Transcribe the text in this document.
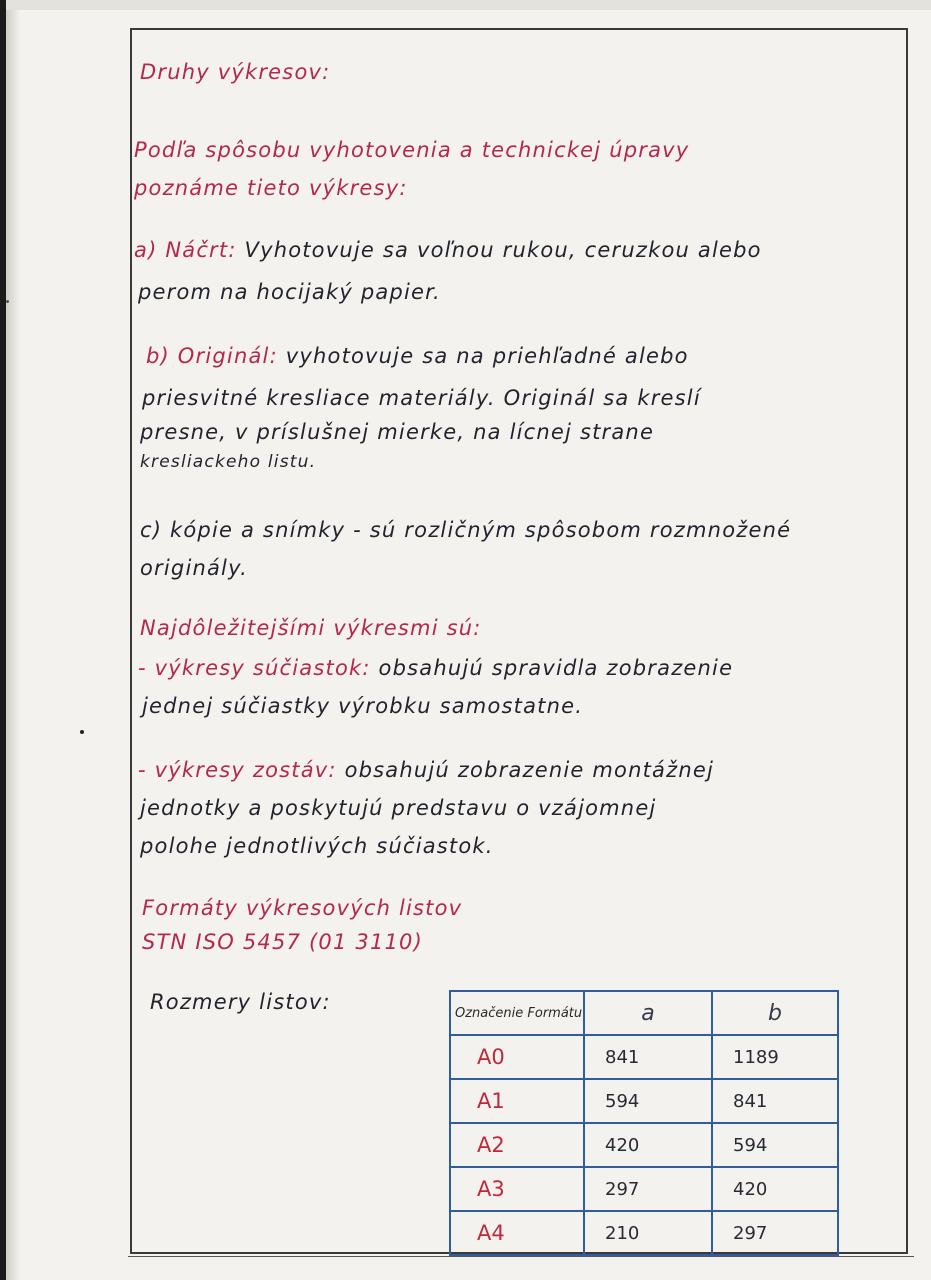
Druhy výkresov:
Podľa spôsobu vyhotovenia a technickej úpravy
poznáme tieto výkresy:
a) Náčrt: Vyhotovuje sa voľnou rukou, ceruzkou alebo
perom na hocijaký papier.
b) Originál: vyhotovuje sa na priehľadné alebo
priesvitné kresliace materiály. Originál sa kreslí
presne, v príslušnej mierke, na lícnej strane
kresliackeho listu.
c) kópie a snímky - sú rozličným spôsobom rozmnožené
originály.
Najdôležitejšími výkresmi sú:
- výkresy súčiastok: obsahujú spravidla zobrazenie
jednej súčiastky výrobku samostatne.
- výkresy zostáv: obsahujú zobrazenie montážnej
jednotky a poskytujú predstavu o vzájomnej
polohe jednotlivých súčiastok.
Formáty výkresových listov
STN ISO 5457 (01 3110)
Rozmery listov:	Označenie Formátu	a	b
A0	841	1189
A1	594	841
A2	420	594
A3	297	420
A4	210	297
